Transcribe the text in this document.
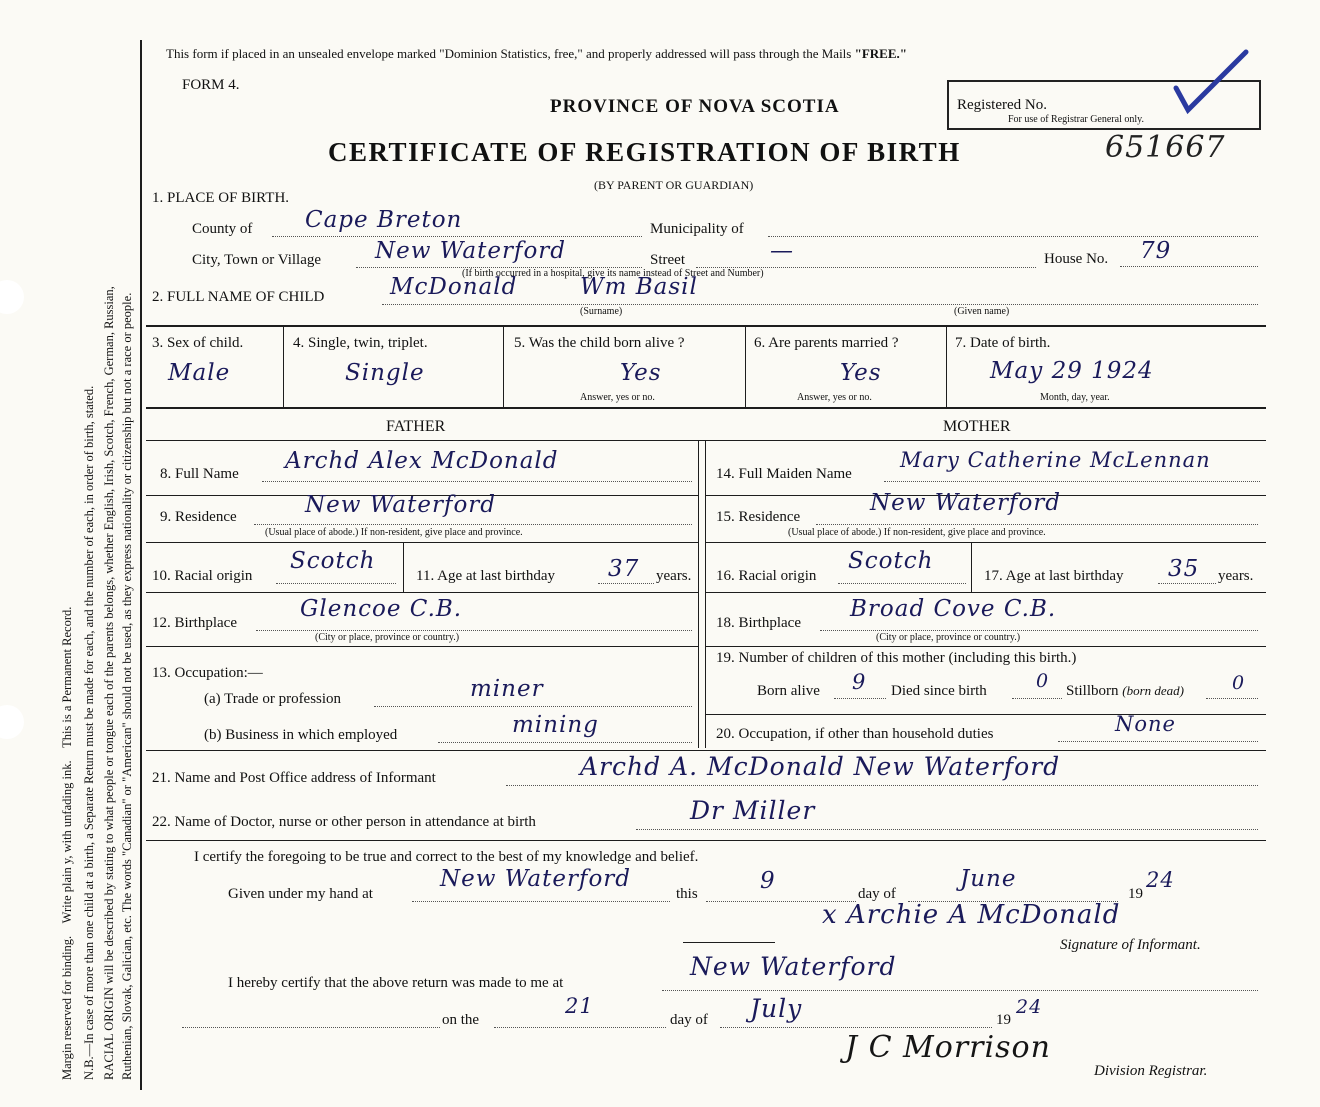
Margin reserved for binding.    Write plain y, with unfading ink.    This is a Permanent Record. N.B.—In case of more than one child at a birth, a Separate Return must be made for each, and the number of each, in order of birth, stated. RACIAL ORIGIN will be described by stating to what people or tongue each of the parents belongs, whether English, Irish, Scotch, French, German, Russian, Ruthenian, Slovak, Galician, etc. The words "Canadian" or "American" should not be used, as they express nationality or citizenship but not a race or people.
This form if placed in an unsealed envelope marked "Dominion Statistics, free," and properly addressed will pass through the Mails "FREE."
FORM 4.
PROVINCE OF NOVA SCOTIA
CERTIFICATE OF REGISTRATION OF BIRTH
(BY PARENT OR GUARDIAN)
Registered No.
For use of Registrar General only.
651667
1. PLACE OF BIRTH.
County of Cape Breton	Municipality of
City, Town or Village New Waterford	Street	—	House No. 79
(If birth occurred in a hospital, give its name instead of Street and Number)
2. FULL NAME OF CHILD	McDonald	Wm Basil
(Surname)	(Given name)
3. Sex of child.
Male
4. Single, twin, triplet.
Single
5. Was the child born alive ?
Yes
Answer, yes or no.
6. Are parents married ?
Yes
Answer, yes or no.
7. Date of birth.
May 29 1924
Month, day, year.
FATHER	MOTHER
8. Full Name Archd Alex McDonald
9. Residence	New Waterford
(Usual place of abode.) If non-resident, give place and province.
10. Racial origin
Scotch
11. Age at last birthday 37 years.
12. Birthplace
Glencoe C.B.
(City or place, province or country.)
13. Occupation:—
(a) Trade or profession	miner
(b) Business in which employed	mining
14. Full Maiden Name
Mary Catherine McLennan
15. Residence
New Waterford
(Usual place of abode.) If non-resident, give place and province.
16. Racial origin
Scotch
17. Age at last birthday 35 years.
18. Birthplace
Broad Cove C.B.
(City or place, province or country.)
19. Number of children of this mother (including this birth.)
Born alive 9 Died since birth	0 Stillborn (born dead)	0
20. Occupation, if other than household duties	None
21. Name and Post Office address of Informant	Archd A. McDonald New Waterford
22. Name of Doctor, nurse or other person in attendance at birth	Dr Miller
I certify the foregoing to be true and correct to the best of my knowledge and belief.
Given under my hand at
New Waterford
this	9	day of
June
19
24
x Archie A McDonald
Signature of Informant.
I hereby certify that the above return was made to me at
New Waterford
on the
21
day of July	19
24
J C Morrison
Division Registrar.
